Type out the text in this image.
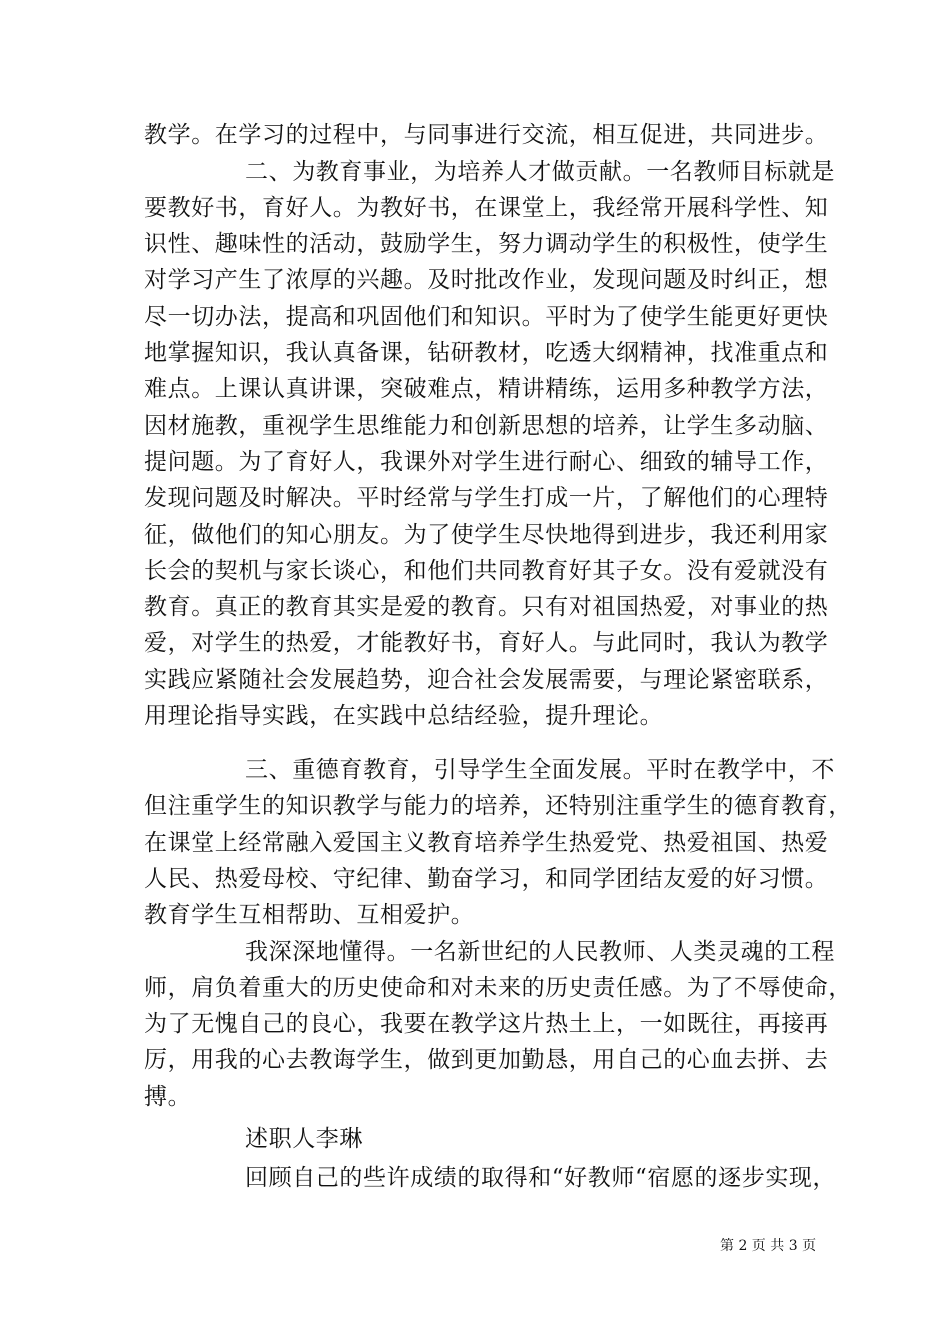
教学。在学习的过程中，与同事进行交流，相互促进，共同进步。
二、为教育事业，为培养人才做贡献。一名教师目标就是
要教好书，育好人。为教好书，在课堂上，我经常开展科学性、知
识性、趣味性的活动，鼓励学生，努力调动学生的积极性，使学生
对学习产生了浓厚的兴趣。及时批改作业，发现问题及时纠正，想
尽一切办法，提高和巩固他们和知识。平时为了使学生能更好更快
地掌握知识，我认真备课，钻研教材，吃透大纲精神，找准重点和
难点。上课认真讲课，突破难点，精讲精练，运用多种教学方法，
因材施教，重视学生思维能力和创新思想的培养，让学生多动脑、
提问题。为了育好人，我课外对学生进行耐心、细致的辅导工作，
发现问题及时解决。平时经常与学生打成一片，了解他们的心理特
征，做他们的知心朋友。为了使学生尽快地得到进步，我还利用家
长会的契机与家长谈心，和他们共同教育好其子女。没有爱就没有
教育。真正的教育其实是爱的教育。只有对祖国热爱，对事业的热
爱，对学生的热爱，才能教好书，育好人。与此同时，我认为教学
实践应紧随社会发展趋势，迎合社会发展需要，与理论紧密联系，
用理论指导实践，在实践中总结经验，提升理论。
三、重德育教育，引导学生全面发展。平时在教学中，不
但注重学生的知识教学与能力的培养，还特别注重学生的德育教育，
在课堂上经常融入爱国主义教育培养学生热爱党、热爱祖国、热爱
人民、热爱母校、守纪律、勤奋学习，和同学团结友爱的好习惯。
教育学生互相帮助、互相爱护。
我深深地懂得。一名新世纪的人民教师、人类灵魂的工程
师，肩负着重大的历史使命和对未来的历史责任感。为了不辱使命，
为了无愧自己的良心，我要在教学这片热土上，一如既往，再接再
厉，用我的心去教诲学生，做到更加勤恳，用自己的心血去拼、去
搏。
述职人李琳
回顾自己的些许成绩的取得和“好教师“宿愿的逐步实现，
第 2 页 共 3 页
